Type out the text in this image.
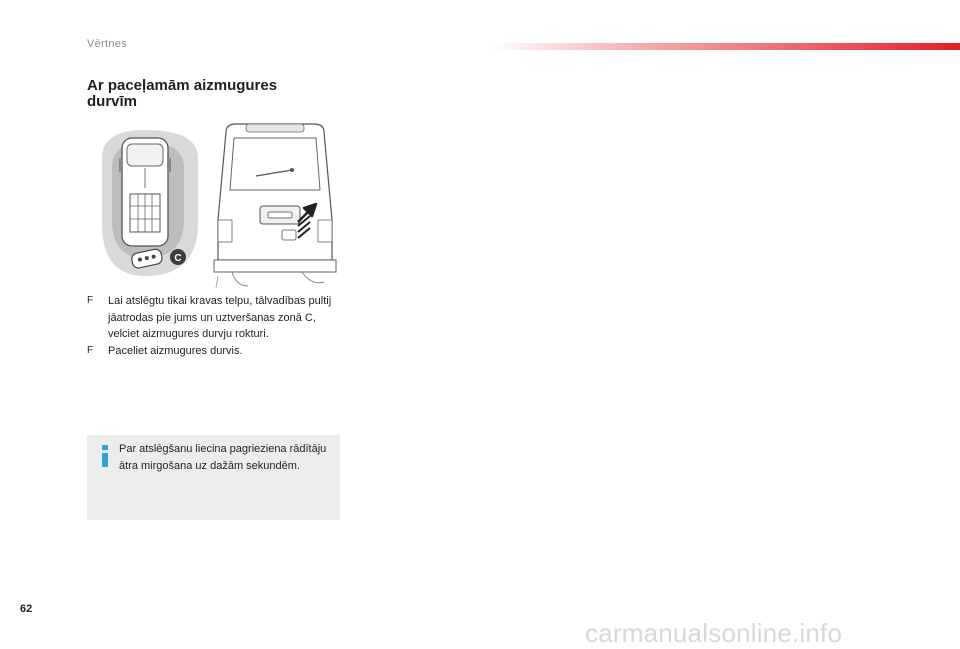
Vērtnes
Ar paceļamām aizmugures durvīm
C
F Lai atslēgtu tikai kravas telpu, tālvadības pultij jāatrodas pie jums un uztveršanas zonā C, velciet aizmugures durvju rokturi.
F Paceliet aizmugures durvis.
Par atslēgšanu liecina pagrieziena rādītāju ātra mirgošana uz dažām sekundēm.
62
carmanualsonline.info
